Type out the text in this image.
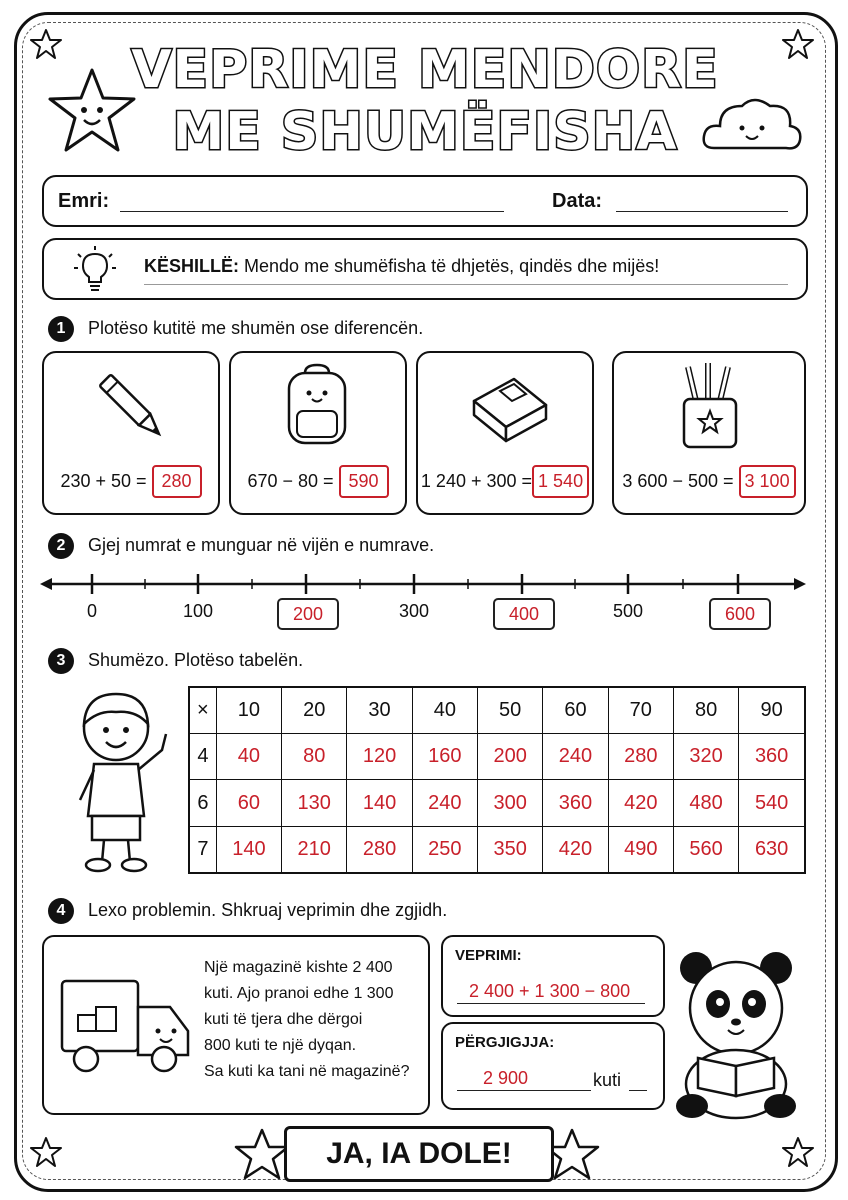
VEPRIME MENDORE
ME SHUMËFISHA
Emri:	Data:
KËSHILLË: Mendo me shumëfisha të dhjetës, qindës dhe mijës!
1	Plotëso kutitë me shumën ose diferencën.
230 + 50 = 280	670 − 80 = 590	1 240 + 300 = 1 540	3 600 − 500 = 3 100
2	Gjej numrat e munguar në vijën e numrave.
0	100	300	500
200	400	600
3	Shumëzo. Plotëso tabelën.
×	10	20	30	40	50	60	70	80	90
4	40	80	120	160	200	240	280	320	360
6	60	130	140	240	300	360	420	480	540
7	140	210	280	250	350	420	490	560	630
4	Lexo problemin. Shkruaj veprimin dhe zgjidh.
Një magazinë kishte 2 400
kuti. Ajo pranoi edhe 1 300
kuti të tjera dhe dërgoi
800 kuti te një dyqan.
Sa kuti ka tani në magazinë?
VEPRIMI:
2 400 + 1 300 − 800
PËRGJIGJJA:
2 900	kuti
JA, IA DOLE!
